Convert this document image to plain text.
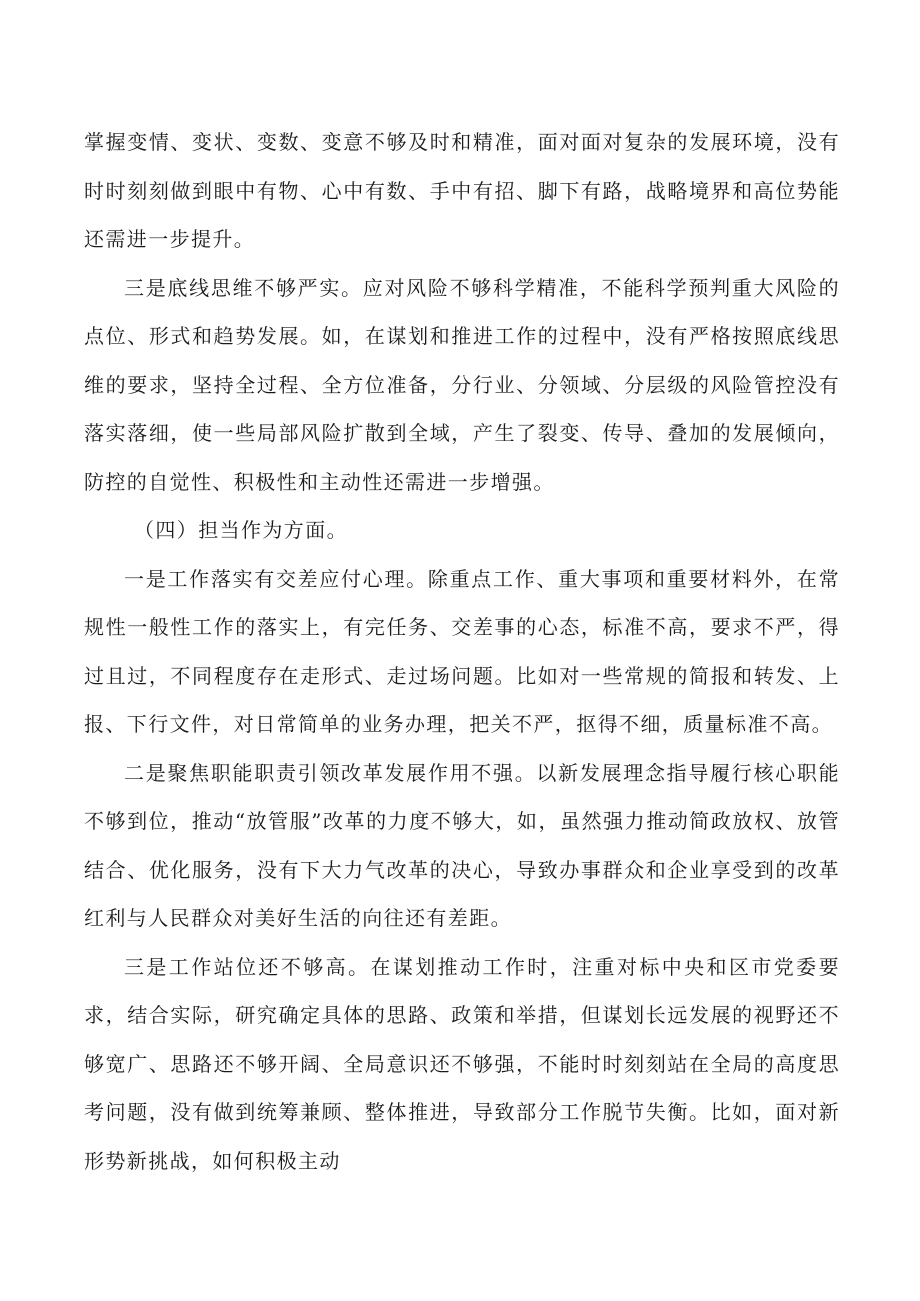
掌握变情、变状、变数、变意不够及时和精准，面对面对复杂的发展环境，没有时时刻刻做到眼中有物、心中有数、手中有招、脚下有路，战略境界和高位势能还需进一步提升。

三是底线思维不够严实。应对风险不够科学精准，不能科学预判重大风险的点位、形式和趋势发展。如，在谋划和推进工作的过程中，没有严格按照底线思维的要求，坚持全过程、全方位准备，分行业、分领域、分层级的风险管控没有落实落细，使一些局部风险扩散到全域，产生了裂变、传导、叠加的发展倾向，防控的自觉性、积极性和主动性还需进一步增强。

（四）担当作为方面。

一是工作落实有交差应付心理。除重点工作、重大事项和重要材料外，在常规性一般性工作的落实上，有完任务、交差事的心态，标准不高，要求不严，得过且过，不同程度存在走形式、走过场问题。比如对一些常规的简报和转发、上报、下行文件，对日常简单的业务办理，把关不严，抠得不细，质量标准不高。

二是聚焦职能职责引领改革发展作用不强。以新发展理念指导履行核心职能不够到位，推动“放管服”改革的力度不够大，如，虽然强力推动简政放权、放管结合、优化服务，没有下大力气改革的决心，导致办事群众和企业享受到的改革红利与人民群众对美好生活的向往还有差距。

三是工作站位还不够高。在谋划推动工作时，注重对标中央和区市党委要求，结合实际，研究确定具体的思路、政策和举措，但谋划长远发展的视野还不够宽广、思路还不够开阔、全局意识还不够强，不能时时刻刻站在全局的高度思考问题，没有做到统筹兼顾、整体推进，导致部分工作脱节失衡。比如，面对新形势新挑战，如何积极主动
